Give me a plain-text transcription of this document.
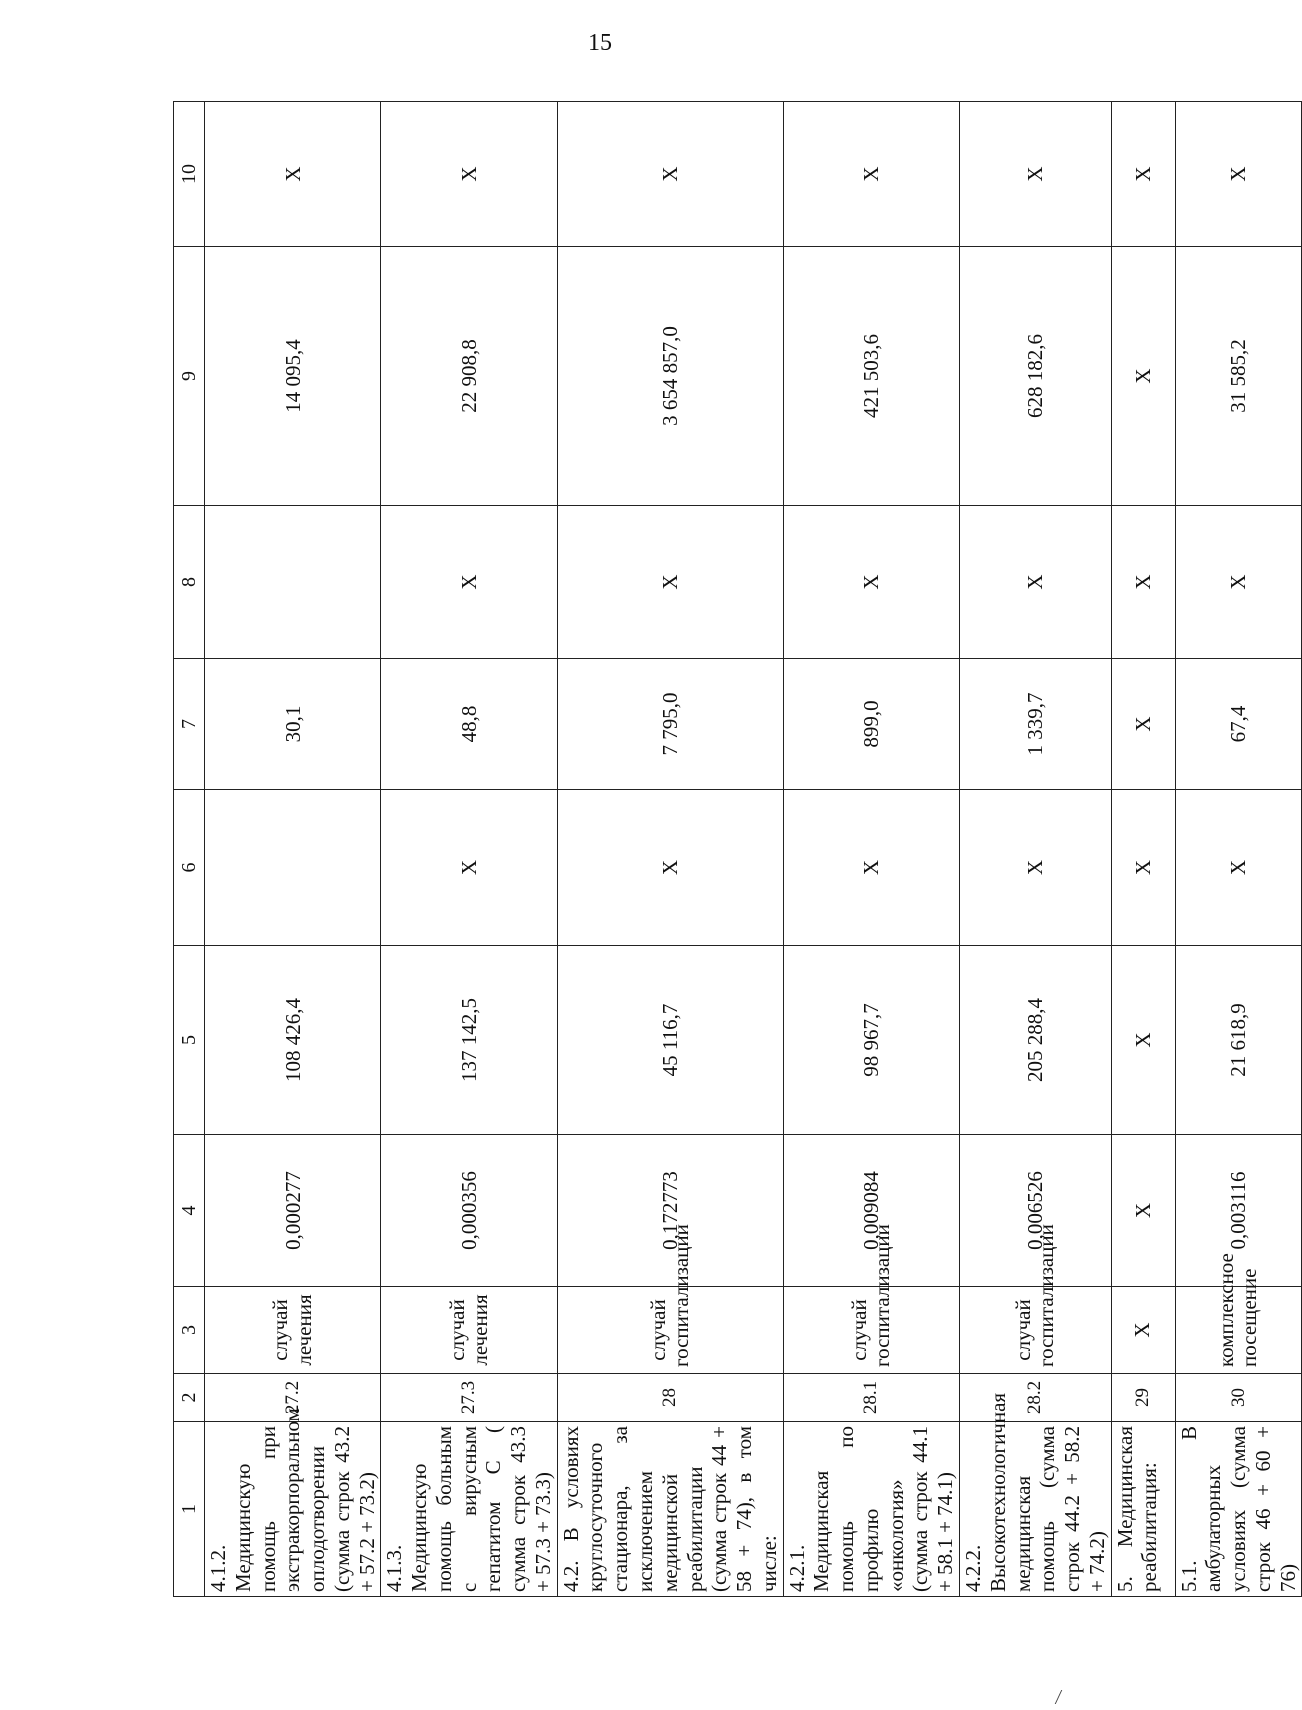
15
1	2	3	4	5	6	7	8	9	10
4.1.2. Медицинскую помощь при экстракорпоральном оплодотворении (сумма строк 43.2 + 57.2 + 73.2)	27.2	случай лечения	0,000277	108 426,4		30,1		14 095,4	X
4.1.3. Медицинскую помощь больным с вирусным гепатитом С ( сумма строк 43.3 + 57.3 + 73.3)	27.3	случай лечения	0,000356	137 142,5	X	48,8	X	22 908,8	X
4.2. В условиях круглосуточного стационара, за исключением медицинской реабилитации (сумма строк 44 + 58 + 74), в том числе:	28	случай госпитализации	0,172773	45 116,7	X	7 795,0	X	3 654 857,0	X
4.2.1. Медицинская помощь по профилю «онкология» (сумма строк 44.1 + 58.1 + 74.1)	28.1	случай госпитализации	0,009084	98 967,7	X	899,0	X	421 503,6	X
4.2.2. Высокотехнологичная медицинская помощь (сумма строк 44.2 + 58.2 + 74.2)	28.2	случай госпитализации	0,006526	205 288,4	X	1 339,7	X	628 182,6	X
5. Медицинская реабилитация:	29	X	X	X	X	X	X	X	X
5.1. В амбулаторных условиях (сумма строк 46 + 60 + 76)	30	комплексное посещение	0,003116	21 618,9	X	67,4	X	31 585,2	X
